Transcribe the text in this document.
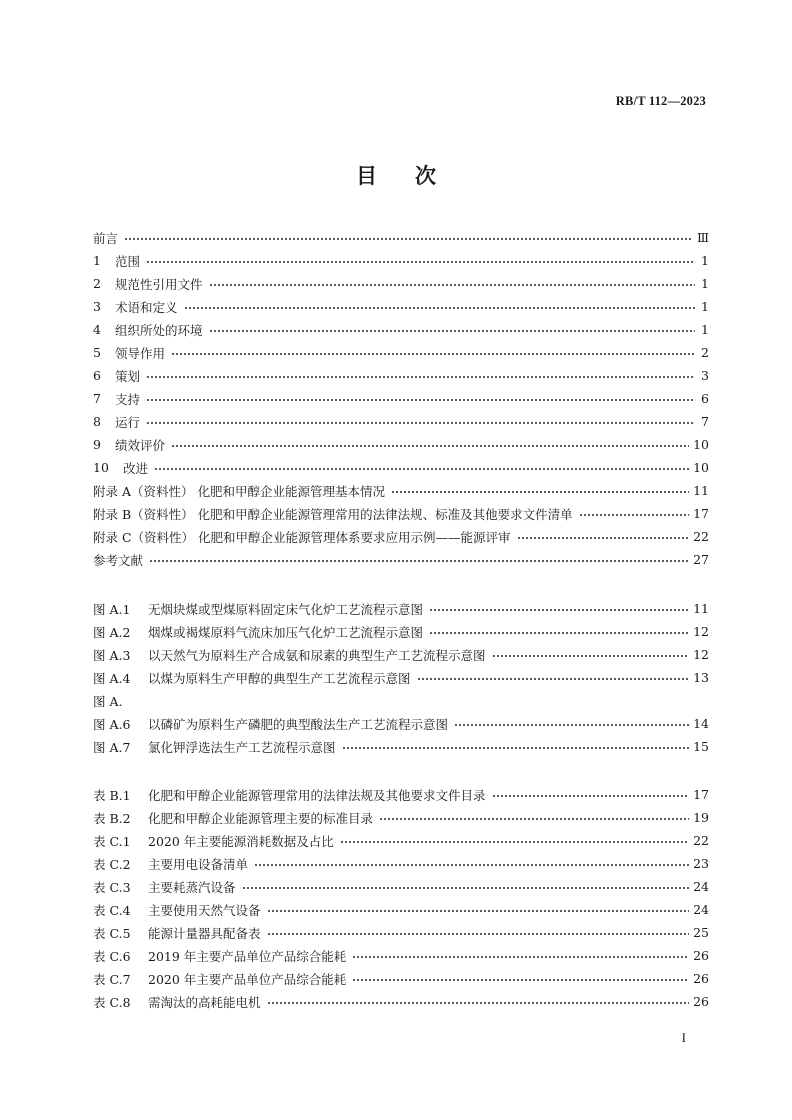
RB/T 112—2023
目次
前言	Ⅲ
1	范围	1
2	规范性引用文件	1
3	术语和定义	1
4	组织所处的环境	1
5	领导作用	2
6	策划	3
7	支持	6
8	运行	7
9	绩效评价	10
10	改进	10
附录 A（资料性） 化肥和甲醇企业能源管理基本情况	11
附录 B（资料性） 化肥和甲醇企业能源管理常用的法律法规、标准及其他要求文件清单	17
附录 C（资料性） 化肥和甲醇企业能源管理体系要求应用示例——能源评审	22
参考文献	27
图 A.1	无烟块煤或型煤原料固定床气化炉工艺流程示意图	11
图 A.2	烟煤或褐煤原料气流床加压气化炉工艺流程示意图	12
图 A.3	以天然气为原料生产合成氨和尿素的典型生产工艺流程示意图	12
图 A.4	以煤为原料生产甲醇的典型生产工艺流程示意图	13
图 A.
图 A.6	以磷矿为原料生产磷肥的典型酸法生产工艺流程示意图	14
图 A.7	氯化钾浮选法生产工艺流程示意图	15
表 B.1	化肥和甲醇企业能源管理常用的法律法规及其他要求文件目录	17
表 B.2	化肥和甲醇企业能源管理主要的标准目录	19
表 C.1	2020 年主要能源消耗数据及占比	22
表 C.2	主要用电设备清单	23
表 C.3	主要耗蒸汽设备	24
表 C.4	主要使用天然气设备	24
表 C.5	能源计量器具配备表	25
表 C.6	2019 年主要产品单位产品综合能耗	26
表 C.7	2020 年主要产品单位产品综合能耗	26
表 C.8	需淘汰的高耗能电机	26
I
